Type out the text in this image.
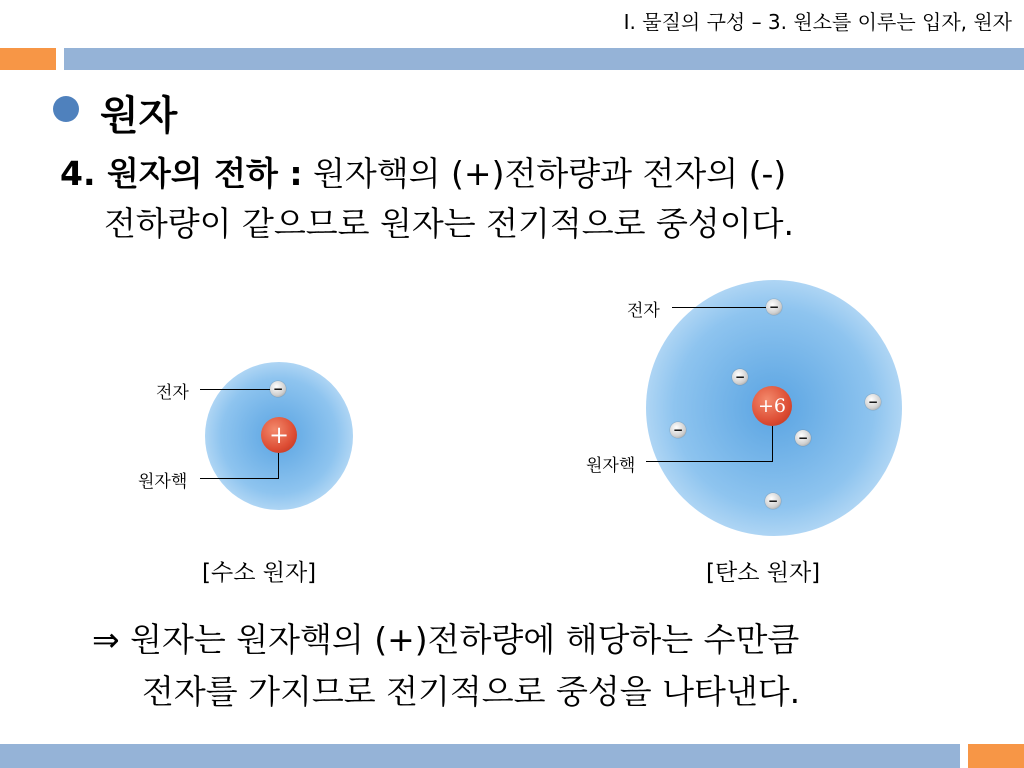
Ⅰ. 물질의 구성 – 3. 원소를 이루는 입자, 원자
원자
4. 원자의 전하 : 원자핵의 (+)전하량과 전자의 (-)
전하량이 같으므로 원자는 전기적으로 중성이다.
+
−
전자
원자핵
[수소 원자]
+6
−
−
−
−
−
−
전자
원자핵
[탄소 원자]
⇒ 원자는 원자핵의 (+)전하량에 해당하는 수만큼
전자를 가지므로 전기적으로 중성을 나타낸다.
